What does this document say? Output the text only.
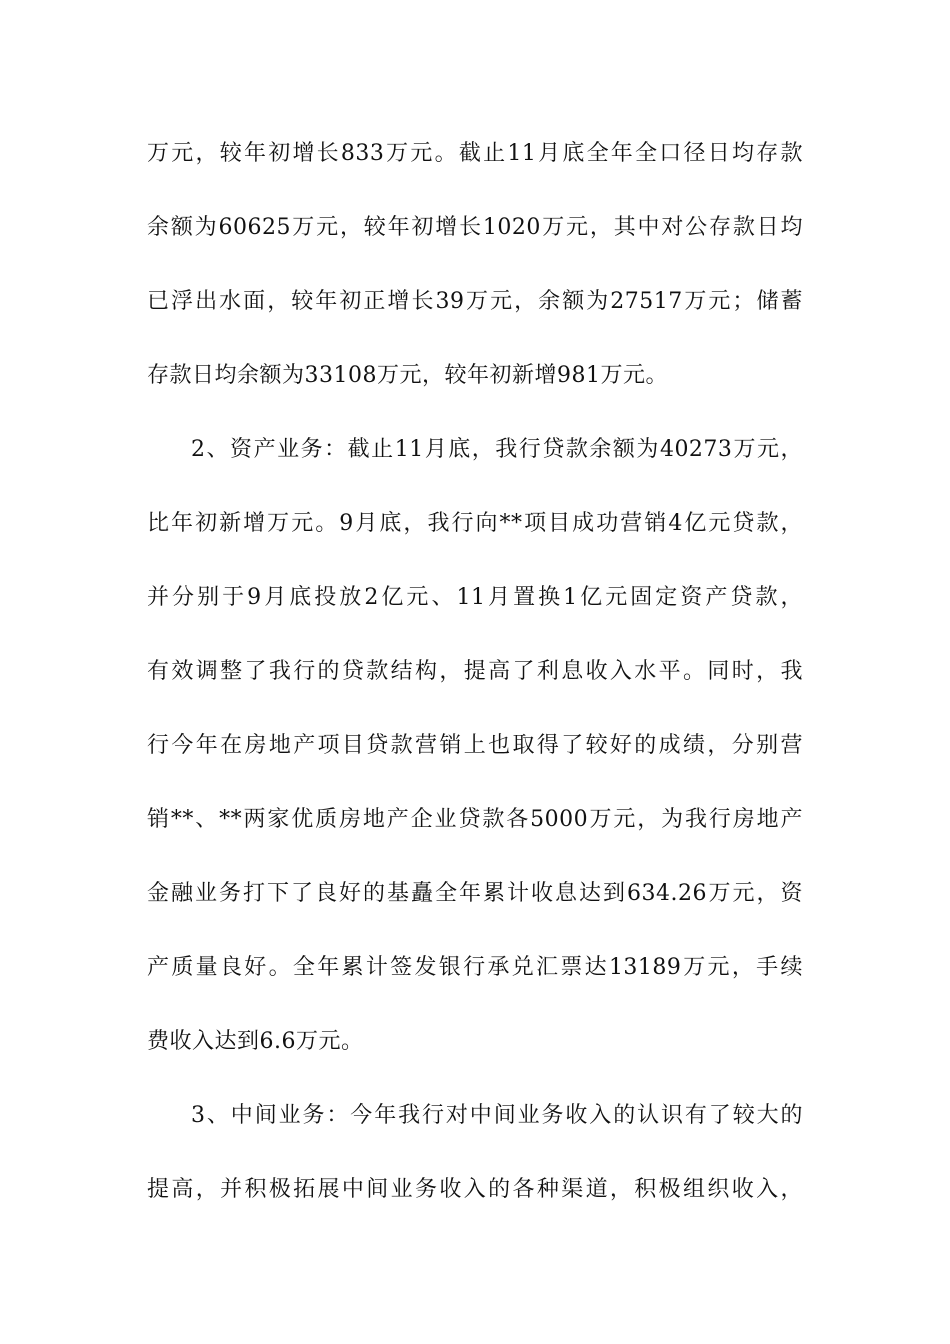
万元，较年初增长833万元。截止11月底全年全口径日均存款
余额为60625万元，较年初增长1020万元，其中对公存款日均
已浮出水面，较年初正增长39万元，余额为27517万元；储蓄
存款日均余额为33108万元，较年初新增981万元。
2、资产业务：截止11月底，我行贷款余额为40273万元，
比年初新增万元。9月底，我行向**项目成功营销4亿元贷款，
并分别于9月底投放2亿元、11月置换1亿元固定资产贷款，
有效调整了我行的贷款结构，提高了利息收入水平。同时，我
行今年在房地产项目贷款营销上也取得了较好的成绩，分别营
销**、**两家优质房地产企业贷款各5000万元，为我行房地产
金融业务打下了良好的基矗全年累计收息达到634.26万元，资
产质量良好。全年累计签发银行承兑汇票达13189万元，手续
费收入达到6.6万元。
3、中间业务：今年我行对中间业务收入的认识有了较大的
提高，并积极拓展中间业务收入的各种渠道，积极组织收入，
